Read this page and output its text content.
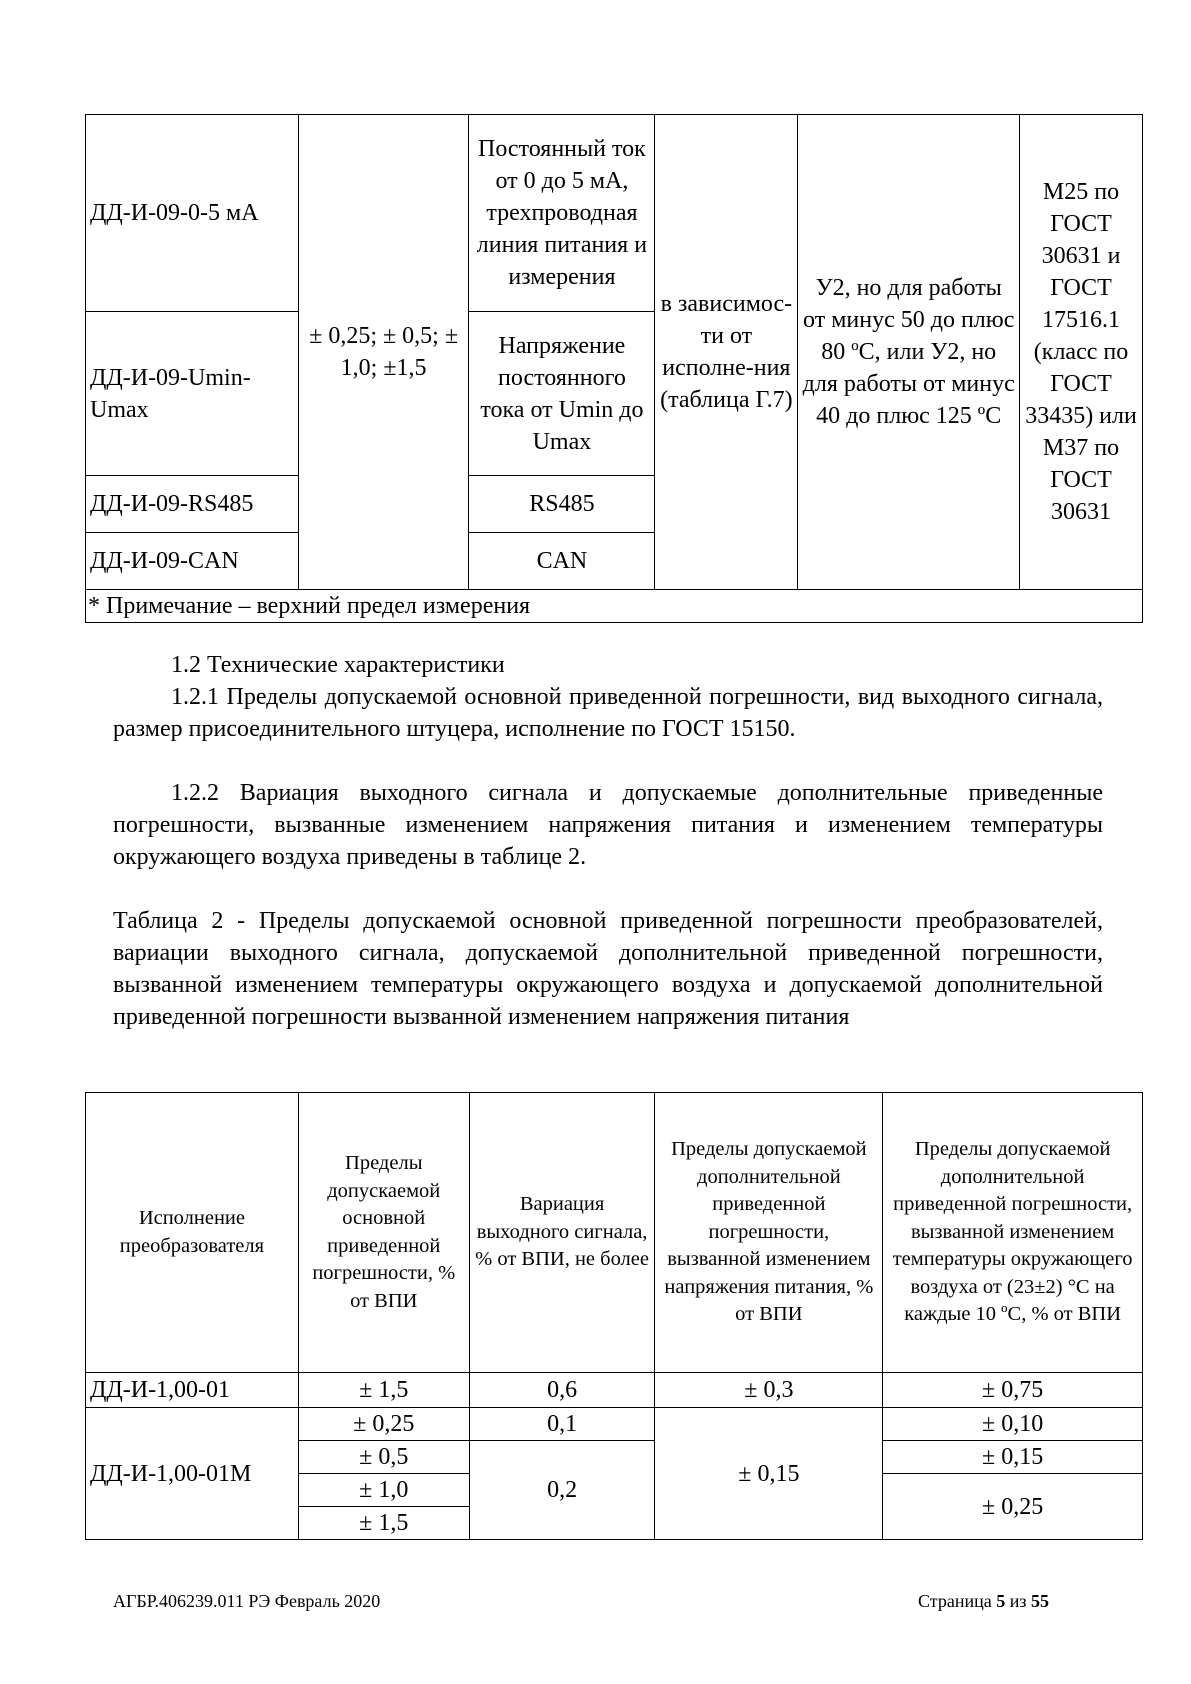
ДД-И-09-0-5 мА	± 0,25; ± 0,5; ± 1,0; ±1,5	Постоянный ток от 0 до 5 мА, трехпроводная линия питания и измерения	в зависимос-ти от исполне-ния (таблица Г.7)	У2, но для работы от минус 50 до плюс 80 ºС, или У2, но для работы от минус 40 до плюс 125 ºС	М25 по ГОСТ 30631 и ГОСТ 17516.1 (класс по ГОСТ 33435) или М37 по ГОСТ 30631
ДД-И-09-Umin-Umax		Напряжение постоянного тока от Umin до Umax			
ДД-И-09-RS485		RS485			
ДД-И-09-CAN		CAN			
* Примечание – верхний предел измерения					
1.2 Технические характеристики
1.2.1 Пределы допускаемой основной приведенной погрешности, вид выходного сигнала, размер присоединительного штуцера, исполнение по ГОСТ 15150.
1.2.2 Вариация выходного сигнала и допускаемые дополнительные приведенные погрешности, вызванные изменением напряжения питания и изменением температуры окружающего воздуха приведены в таблице 2.
Таблица 2 - Пределы допускаемой основной приведенной погрешности преобразователей, вариации выходного сигнала, допускаемой дополнительной приведенной погрешности, вызванной изменением температуры окружающего воздуха и допускаемой дополнительной приведенной погрешности вызванной изменением напряжения питания
Исполнение преобразователя	Пределы допускаемой основной приведенной погрешности, % от ВПИ	Вариация выходного сигнала, % от ВПИ, не более	Пределы допускаемой дополнительной приведенной погрешности, вызванной изменением напряжения питания, % от ВПИ	Пределы допускаемой дополнительной приведенной погрешности, вызванной изменением температуры окружающего воздуха от (23±2) °С на каждые 10 ºС, % от ВПИ
ДД-И-1,00-01	± 1,5	0,6	± 0,3	± 0,75
ДД-И-1,00-01М	± 0,25	0,1	± 0,15	± 0,10
	± 0,5	0,2		± 0,15
	± 1,0			± 0,25
	± 1,5			
АГБР.406239.011 РЭ Февраль 2020	Страница 5 из 55
